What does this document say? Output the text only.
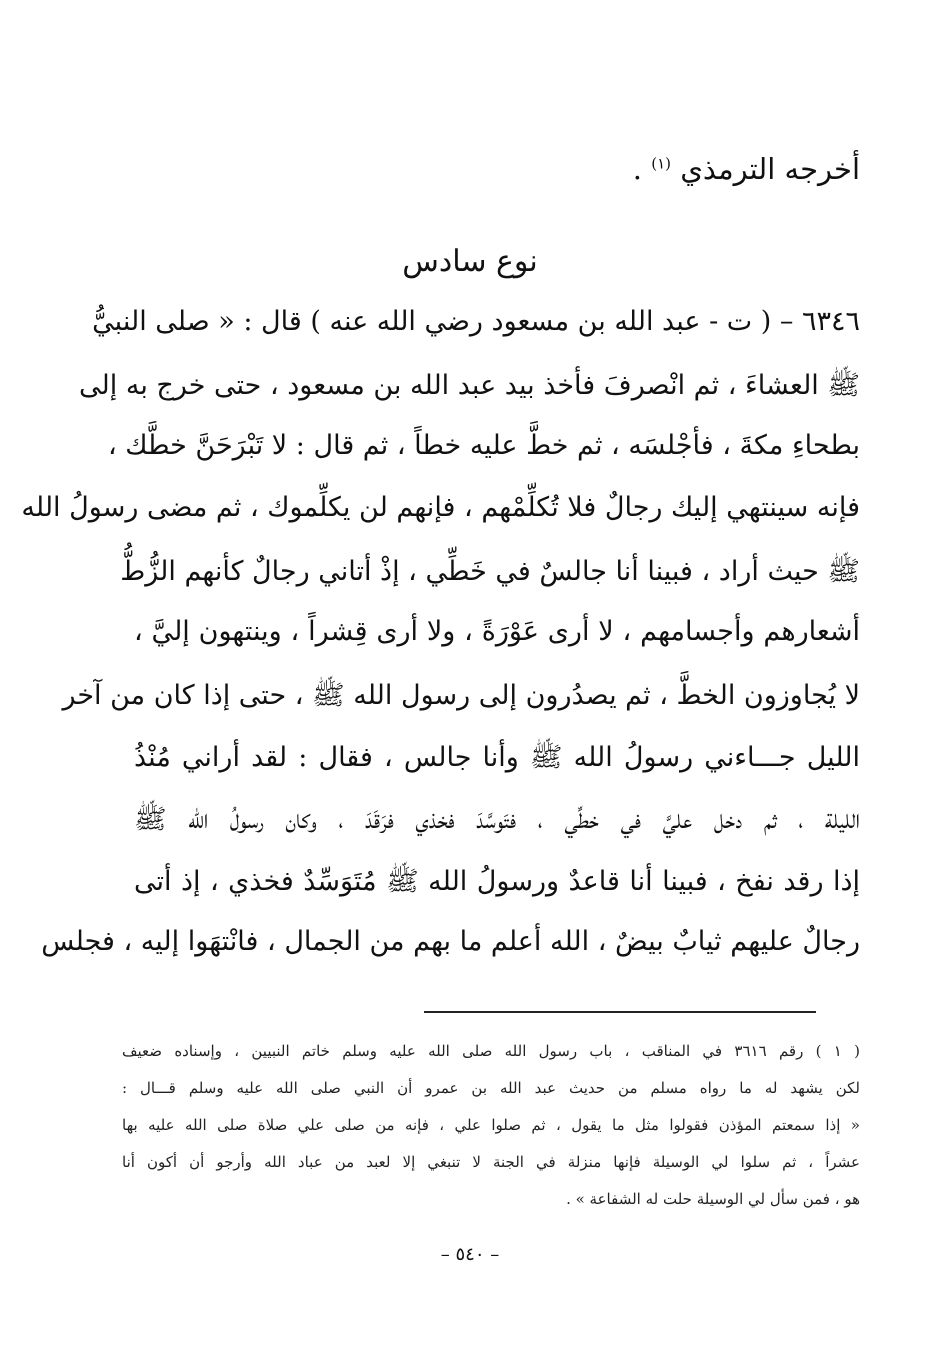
أخرجه الترمذي $^{(١)}$ .
نوع سادس
٦٣٤٦ – ( ت - عبد الله بن مسعود رضي الله عنه ) قال : « صلى النبيُّ
ﷺ العشاءَ ، ثم انْصرفَ فأخذ بيد عبد الله بن مسعود ، حتى خرج به إلى
بطحاءِ مكةَ ، فأجْلسَه ، ثم خطَّ عليه خطاً ، ثم قال : لا تَبْرَحَنَّ خطَّك ،
فإنه سينتهي إليك رجالٌ فلا تُكلِّمْهم ، فإنهم لن يكلِّموك ، ثم مضى رسولُ الله
ﷺ حيث أراد ، فبينا أنا جالسٌ في خَطِّي ، إذْ أتاني رجالٌ كأنهم الزُّطُّ
أشعارهم وأجسامهم ، لا أرى عَوْرَةً ، ولا أرى قِشراً ، وينتهون إليَّ ،
لا يُجاوزون الخطَّ ، ثم يصدُرون إلى رسول الله ﷺ ، حتى إذا كان من آخر
الليل جـــاءني رسولُ الله ﷺ وأنا جالس ، فقال : لقد أراني مُنْذُ
الليلة ، ثم دخل عليَّ في خطِّي ، فتَوسَّدَ فخذي فرَقَدَ ، وكان رسولُ الله ﷺ
إذا رقد نفخ ، فبينا أنا قاعدٌ ورسولُ الله ﷺ مُتَوَسِّدٌ فخذي ، إذ أتى
رجالٌ عليهم ثيابٌ بيضٌ ، الله أعلم ما بهم من الجمال ، فانْتهَوا إليه ، فجلس
( ١ ) رقم ٣٦١٦ في المناقب ، باب رسول الله صلى الله عليه وسلم خاتم النبيين ، وإسناده ضعيف
لكن يشهد له ما رواه مسلم من حديث عبد الله بن عمرو أن النبي صلى الله عليه وسلم قـــال :
« إذا سمعتم المؤذن فقولوا مثل ما يقول ، ثم صلوا علي ، فإنه من صلى علي صلاة صلى الله عليه بها
عشراً ، ثم سلوا لي الوسيلة فإنها منزلة في الجنة لا تنبغي إلا لعبد من عباد الله وأرجو أن أكون أنا
هو ، فمن سأل لي الوسيلة حلت له الشفاعة » .
– ٥٤٠ –
